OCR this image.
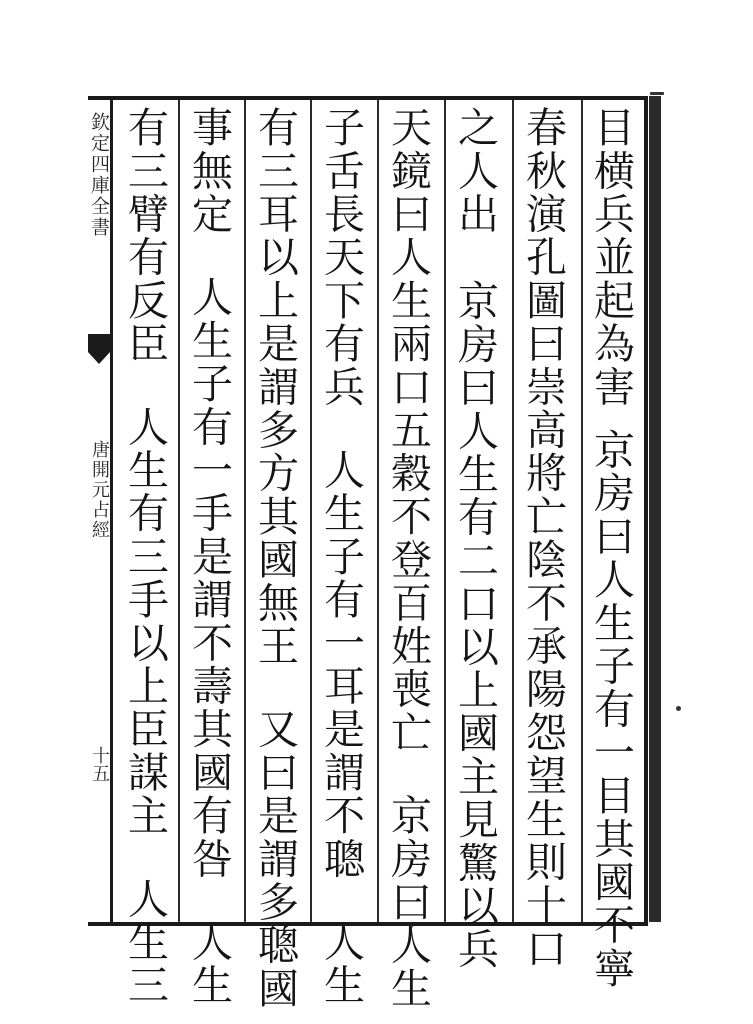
欽定四庫全書
唐開元占經
十五
目横兵並起為害京房曰人生子有一目其國不寧
春秋演孔圖曰崇高將亡陰不承陽怨望生則十口
之人出京房曰人生有二口以上國主見驚以兵
天鏡曰人生兩口五穀不登百姓喪亡京房曰人生
子舌長天下有兵人生子有一耳是謂不聰人生
有三耳以上是謂多方其國無王又曰是謂多聰國
事無定人生子有一手是謂不壽其國有咎人生
有三臂有反臣人生有三手以上臣謀主人生三
